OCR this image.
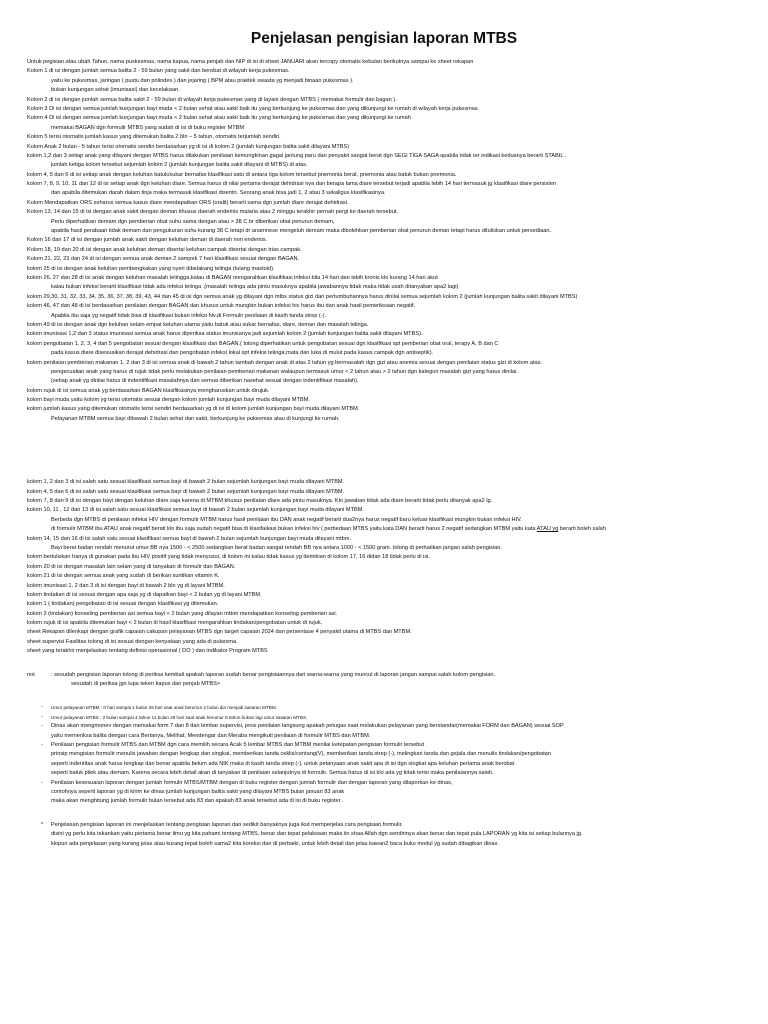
Penjelasan pengisian laporan MTBS
Untuk pegisian atau ubah Tahun, nama puskesmas, nama kapua, nama penjab dan NIP di isi di sheet JANUARI akan tercopy otomatis kebulan berikutnya sampai ke sheet rekapan
Kolom 1 di isi dengan jumlah semua balita 2 - 59 bulan yang sakit dan berobat di wilayah kerja pukesmas.
yaitu ke pukesmas, jaringan ( pustu dan polindes ) dan jejaring ( BPM atau praktek swasta yg menjadi binaan pukesmas ).
bukan kunjungan sehat (imunisasi) dan kecelakaan.
Kolom 2 di isi dengan jumlah semua balita sakit 2 - 59 bulan di wilayah kerja pukesmas yang di layani dengan MTBS ( memakai formulir dan bagan ).
Kolom 3 Di isi dengan semua jumlah kunjungan bayi muda < 2 bulan sehat atau sakit baik itu yang berkunjung ke pukesmas dan yang dikunjungi ke rumah di wilayah kerja pukesmas.
Kolom 4 Di isi dengan semua jumlah kunjungan bayi muda < 2 bulan sehat atau sakit baik itu yang berkunjung ke pukesmas dan yang dikunjungi ke rumah
memakai BAGAN dgn formulir MTBS yang sudah di isi di buku register MTBM
Kolom 5 terisi otomatis jumlah kasus yang ditemukan balita 2 bln – 5 tahun, otomatis terjumlah sendiri.
Kolom Anak 2 bulan - 5 tahun terisi otomatis sendiri berdasarkan yg di isi di kolom 2 (jumlah kunjungan balita sakit dilayani MTBS)
kolom 1,2 dan 3 setiap anak yang dilayani dengan MTBS harus dilakukan penilaian kemungkinan gagal jantung paru dan penyakit sangat berat dgn SEGI TIGA SAGA apabila tidak ter indikasi keduanya berarti STABIL .
jumlah ketiga kolom tersebut sejumlah kolom 2 (jumlah kunjungan balita sakit dilayani di MTBS) di atas.
kolom 4, 5 dan 6 di isi setiap anak dengan keluhan batuk/sukar bernafas klasifikasi satu di antara tiga kolom tersebut pnemonia berat, pnemonia atau batuk bukan pnemonia.
kolom 7, 8, 9, 10, 11 dan 12 di isi setiap anak dgn keluhan diare. Semua harus di nilai pertama derajat dehidrasi nya dan berapa lama diare tersebut terjadi apabila lebih 14 hari termasuk jg klasifikasi diare persisten
dan apabila ditemukan darah dalam tinja maka termasuk klasifikasi disentri. Seorang anak bisa jadi 1, 2 atau 3 sekaligus klasifikasinya.
Kolom Mendapatkan ORS seharus semua kasus diare mendapatkan ORS (oralit) berarti sama dgn jumlah diare derajat dehidrasi.
Kolom 13, 14 dan 15 di isi dengan anak sakit dengan deman khusus daerah endemis malaria atau 2 minggu terakhir pernah pergi ke daerah tersebut.
Perlu diperhatikan demam dgn pemberian obat suhu sama dengan atau > 38 C br diberikan obat penurun demam,
apabila hasil perabaan tidak demam dan pengukuran suhu kurang 38 C tetapi dr anamnese mengeluh demam maka dibolehkan pemberian obat penurun deman tetapi harus dituliskan untuk persediaan.
Kolom 16 dan 17 di isi dengan jumlah anak sakit dengan keluhan deman di daerah non endemis.
Kolom 18, 19 dan 20 di isi dengan anak keluhan deman disertai keluhan campak disertai dengan trias campak.
Kolom 21, 22, 23 dan 24 di isi dengan semua anak deman 2 sampek 7 hari klasifikasi sesuai dengan BAGAN.
kolom 25 di isi dengan anak keluhan pembengkakan yang nyeri dibelakang telinga (tulang mastoid).
kolom 26, 27 dan 28 di isi anak dengan keluhan masalah telingga,kalau di BAGAN mengarahkan klasifikasi infeksi bila 14 hari dan lebih kronis klo kurang 14 hari akut
kalau bukan infeksi berarti klasifikasi tidak ada infeksi telinga .(masalah telinga ada pintu masuknya apabila jawabannya tidak maka tidak usah ditanyakan apa2 lagi)
kolom 29,30, 31, 32, 33, 34, 35, 36, 37, 38, 39, 43, 44 dan 45 di isi dgn semua anak yg dilayani dgn mtbs status gizi dan pertumbuhannya harus dinilai semua sejumlah kolom 2 (jumlah kunjungan balita sakit dilayani MTBS)
kolom 46, 47 dan 48 di isi berdasarkan penilaian dengan BAGAN dan khusus untuk mungkin bukan infeksi hiv harus ibu dan anak hasil pemeriksaan negatif.
Apabila ibu saja yg negatif tidak bisa di klasifikasi bukan infeksi hiv.di Formulir penilaian di kasih tanda strep (-).
kolom 49 di isi dengan anak dgn keluhan selain empat keluhan utama yaitu batuk atau sukar bernafas, diare, deman dan masalah telinga.
kolom imunisasi 1,2 dan 3 status imunisasi semua anak harus diperiksa status imunisanya jadi sejumlah kolom 2 (jumlah kunjungan balita sakit dilayani MTBS).
kolom pengobatan 1, 2, 3, 4 dan 5 pengobatan sesuai dengan klasifikasi dan BAGAN.( tolong diperhatikan untuk pengobatan sesuai dgn klasifikasi spt pemberian obat oral, terapy A, B dan C
pada kasus diare disesuaikan derajat dehidrasi dan pengobatan infeksi lokal spt infeksi telinga,mata dan luka di mulut pada kasus campak dgn antiseptik).
kolom penilaian pemberian makanan 1, 2 dan 3 di isi semua anak di bawah 2 tahun tambah dengan anak di atas 2 tahun yg bermasalah dgn gizi atau anemia sesuai dengan penilaian status gizi di kolom atas.
pengecualian anak yang harus di rujuk tidak perlu melakukan penilaian pemberian makanan walaupun termasuk umur < 2 tahun atau > 2 tahun dgn kategori masalah gizi yang harus dinilai.
(setiap anak yg dinilai harus di indentifikasi masalahnya dan semua diberikan nasehat sesuai dengan indentifikasi masalah).
kolom rujuk di isi semua anak yg berdasarkan BAGAN klasifikasinya mengharuskan untuk dirujuk.
kolom bayi muda yaitu kolom yg terisi otomatis sesuai dengan kolom jumlah kunjungan bayi muda dilayani MTBM.
kolom jumlah kasus yang ditemukan otomatis terisi sendiri berdasarkan yg di isi di kolom jumlah kunjungan bayi muda dilayani MTBM.
Pelayanan MTBM semua bayi dibawah 2 bulan sehat dan sakit, berkunjung ke pukesmas atau di kunjungi ke rumah.
kolom 1, 2 dan 3 di isi salah satu sesuai klasifikasi semua bayi di bawah 2 bulan sejumlah kunjungan bayi muda dilayani MTBM.
kolom 4, 5 dan 6 di isi salah satu sesuai klasifikasi semua bayi di bawah 2 bulan sejumlah kunjungan bayi muda dilayani MTBM.
kolom 7, 8 dan 9 di isi dengan bayi dengan keluhan diare saja karena di MTBM khusus penilaian diare ada pintu masuknya. Klo jawaban tidak ada diare berarti tidak perlu ditanyak apa2 lg.
kolom 10, 11 , 12 dan 13 di isi salah satu sesuai klasifikasi semua bayi di bawah 2 bulan sejumlah kunjungan bayi muda dilayani MTBM.
Berbeda dgn MTBS di penilaian infeksi HIV dengan formulir MTBM harus hasil penilaian ibu DAN anak negatif berarti dua2nya harus negatif baru keluar klasifikasi mungkin bukan infeksi HIV.
di formulir MTBM ibu ATAU anak negatif berati klo ibu saja sudah negatif bisa di klasifaikasi bukan infeksi hiv ( perbedaan MTBS yaitu kata DAN berarti harus 2 negatif sedangkan MTBM yaitu kata ATAU yg berarti boleh salah
kolom 14, 15 dan 16 di isi salah satu sesuai klasifikasi semua bayi di bawah 2 bulan sejumlah kunjungan bayi muda dilayani mtbm.
Bayi berat badan rendah menurut umur BB nya 1500 - < 2500 sedangkan berat badan sangat rendah BB nya antara 1000 - < 1500 gram. tolong di perhatikan jangan salah pengisian.
kolom bertuliskan hanya di gunakan pada ibu HIV positif yang tidak menyusui, di kolom ini kalau tidak kasus yg demikian di kolom 17, 16 didan 18 tidak perlu di isi.
kolom 20 di isi dengan masalah lain selain yang di tanyakan di formulir dan BAGAN.
kolom 21 di isi dengan semua anak yang sudah di berikan suntikan vitamin K.
kolom imunisasi 1, 2 dan 3 di isi dengan bayi di bawah 2 bln yg di layani MTBM.
kolom tindakan di isi sesuai dengan apa saja yg di dapatkan bayi < 2 bulan yg di layani MTBM.
kolom 1 ( tindakan) pengobatan di isi sesuai dengan klasifikasi yg ditemukan.
kolom 2 (tindakan) konseling pemberian asi semua bayi < 2 bulan yang dilayan mtbm mendapatkan konseling pemberian asi.
kolom rujuk di isi apabila ditemukan bayi < 2 bulan di hasil klasifikasi mengarahkan tindakan/pengobatan untuk di rujuk.
sheet Rekapan dilenkapi dengan grafik capaian cakupan pelayanan MTBS dgn target capaian 2024 dan persentase 4 penyakit utama di MTBS dan MTBM.
sheet supervisi Fasilitas tolong di isi sesuai dengan kenyataan yang ada di pukesma.
sheet yang terakhir menjelaskan tentang definisi operasional ( DO ) dan indikator Program MTBS
not	: sesudah pengisian laporan tolong di periksa kembali apakah laporan sudah benar pengisiaannya dari warna-warna yang muncul di laporan jangan sampai salah kolom pengisian.
sesudah di periksa jgn lupa teken kapus dan penjab MTBS>
- Umur pelayanan MTBM : 0 hari sampai 1 bulan 29 hari saat anak berumur 2 bulan dia menjadi sasaran MTBM.
- Umur pelayanan MTBS : 2 bulan sampai 4 tahun 11 bulan 29 hari saat anak berumur 5 tahun bukan lagi umur sasaran MTBS.
- Dinas akan mengmonev dengan memakai form 7 dan 8 dan lembar supervisi, jenis penilaian langsung apakah petugas saat melakukan pelayanan yang berstandar(memakai FORM dan BAGAN) sesuai SOP
yaitu memeriksa balita dengan cara Bertanya, Melihat, Mendengar dan Meraba mengikuti penilaian di formulir MTBS dan MTBM.
- Penilaian pengisian formulir MTBS dan MTBM dgn cara memilih secara Acak 5 lembar MTBS dan MTBM menilai ketepatan pengisian formulir tersebut
prinsip mengisian formulir menulis jawaban dengan lengkap dan singkat, memberikan tanda ceklis/centang(V), memberikan tanda strep (-), melingkari tanda dan gejala dan menulis tindakan/pengobatan
seperti indentitas anak harus lengkap dan benar apabila belum ada NIK maka di kasih tanda strep (-), untuk petanyaan anak sakit apa di isi dgn singkat apa keluhan pertama anak berobat
seperti batuk pilek atau demam. Karena secara lebih detail akan di tanyakan di penilaian selanjutnya di formulir. Semua harus di isi klo ada yg tidak terisi maka penilaiannya salah.
- Penilaian kesesuaian laporan dengan jumlah formulir MTBS/MTBM dengan di buku register dengan jumlah formulir dan dengan laporan yang dilaporkan ke dinas,
contohnya seperti laporan yg di kirim ke dinas jumlah kunjungan balita sakit yang dilayani MTBS bulan januari 83 anak
maka akan menghitung jumlah formulir bulan tersebut ada 83 dan apakah 83 anak tersebut ada di isi di buku register .
* Penjelasan pengisian laporan ini menjelaskan tentang pengisian laporan dan sedikit banyaknya juga ikut memperjelas cara pengisian formulir.
disini yg perlu kita tekankan yaitu pertama benar ilmu yg kita pahami tentang MTBS, benar dan tepat pelaksaan maka iin shaa Allah dgn sendirinya akan benar dan tepat pula LAPORAN yg kita isi setiap bulannya jg.
klopun ada penjelasan yang kurang jelas atau kurang tepat boleh sama2 kita koreksi dan di perbaiki, untuk lebih detail dan jelas kawan2 baca buku modul yg sudah dibagikan dinas.
